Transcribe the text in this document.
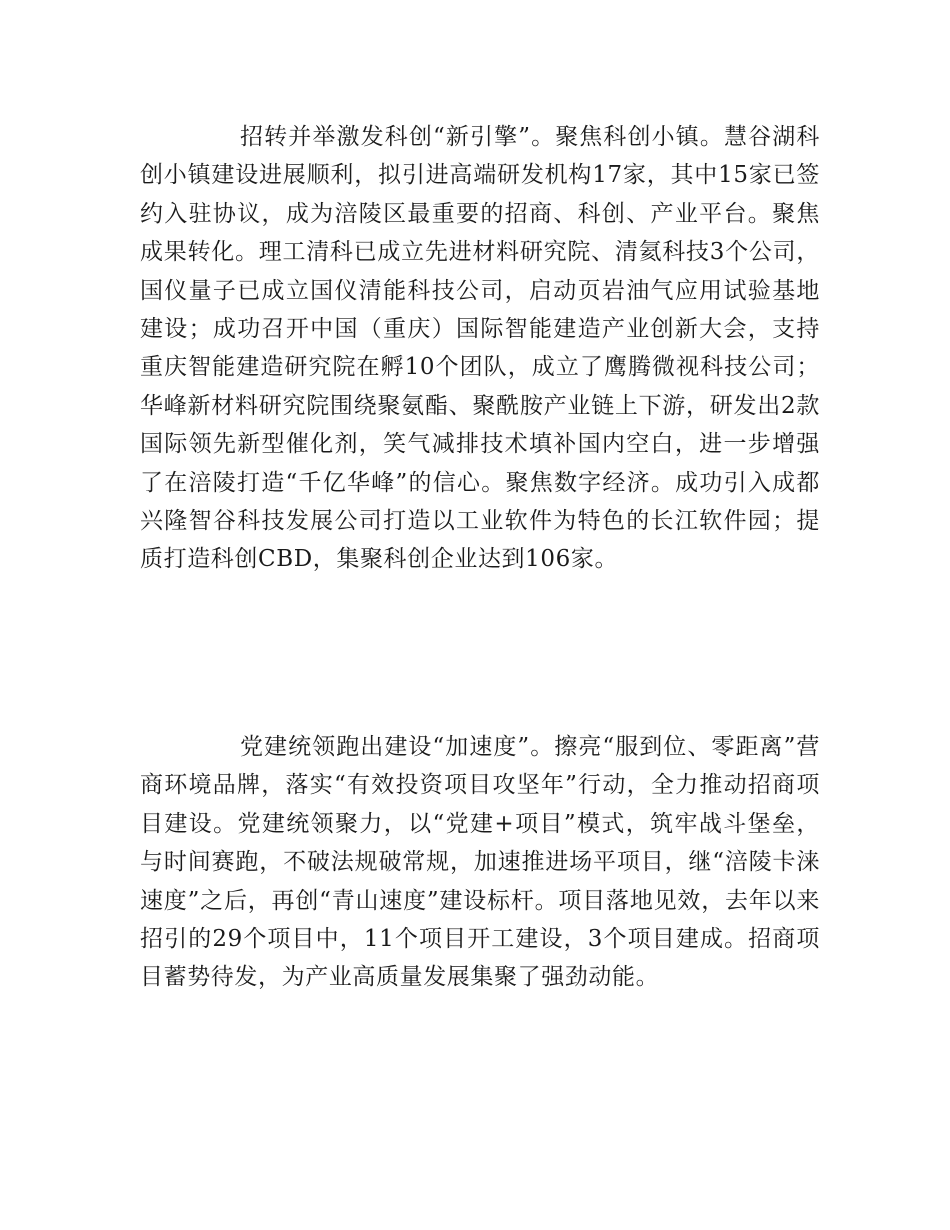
招转并举激发科创“新引擎”。聚焦科创小镇。慧谷湖科创小镇建设进展顺利，拟引进高端研发机构17家，其中15家已签约入驻协议，成为涪陵区最重要的招商、科创、产业平台。聚焦成果转化。理工清科已成立先进材料研究院、清氦科技3个公司，国仪量子已成立国仪清能科技公司，启动页岩油气应用试验基地建设；成功召开中国（重庆）国际智能建造产业创新大会，支持重庆智能建造研究院在孵10个团队，成立了鹰腾微视科技公司；华峰新材料研究院围绕聚氨酯、聚酰胺产业链上下游，研发出2款国际领先新型催化剂，笑气减排技术填补国内空白，进一步增强了在涪陵打造“千亿华峰”的信心。聚焦数字经济。成功引入成都兴隆智谷科技发展公司打造以工业软件为特色的长江软件园；提质打造科创CBD，集聚科创企业达到106家。

党建统领跑出建设“加速度”。擦亮“服到位、零距离”营商环境品牌，落实“有效投资项目攻坚年”行动，全力推动招商项目建设。党建统领聚力，以“党建+项目”模式，筑牢战斗堡垒，与时间赛跑，不破法规破常规，加速推进场平项目，继“涪陵卡涞速度”之后，再创“青山速度”建设标杆。项目落地见效，去年以来招引的29个项目中，11个项目开工建设，3个项目建成。招商项目蓄势待发，为产业高质量发展集聚了强劲动能。
